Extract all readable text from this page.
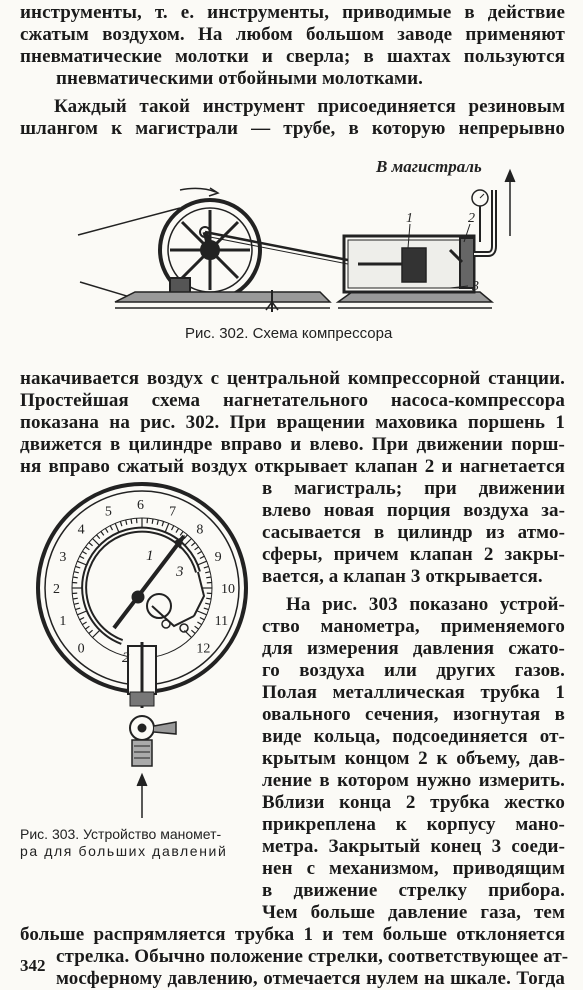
инструменты, т. е. инструменты, приводимые в действие
сжатым воздухом. На любом большом заводе применяют
пневматические молотки и сверла; в шахтах пользуются
пневматическими отбойными молотками.
Каждый такой инструмент присоединяется резиновым
шлангом к магистрали — трубе, в которую непрерывно
В магистраль
1	2
3
Рис. 302. Схема компрессора
накачивается воздух с центральной компрессорной станции.
Простейшая схема нагнетательного насоса-компрессора
показана на рис. 302. При вращении маховика поршень 1
движется в цилиндре вправо и влево. При движении порш-
ня вправо сжатый воздух открывает клапан 2 и нагнетается
в магистраль; при движении
влево новая порция воздуха за-
сасывается в цилиндр из атмо-
сферы, причем клапан 2 закры-
вается, а клапан 3 открывается.
На рис. 303 показано устрой-
ство манометра, применяемого
для измерения давления сжато-
го воздуха или других газов.
Полая металлическая трубка 1
овального сечения, изогнутая в
виде кольца, подсоединяется от-
крытым концом 2 к объему, дав-
ление в котором нужно измерить.
Вблизи конца 2 трубка жестко
прикреплена к корпусу мано-
метра. Закрытый конец 3 соеди-
нен с механизмом, приводящим
в движение стрелку прибора.
Чем больше давление газа, тем
больше распрямляется трубка 1 и тем больше отклоняется
стрелка. Обычно положение стрелки, соответствующее ат-
мосферному давлению, отмечается нулем на шкале. Тогда
0
1
2
3
4
5 6 7
8
9
10
11
12
1
2
3
Рис. 303. Устройство маномет-
ра для больших давлений
342
